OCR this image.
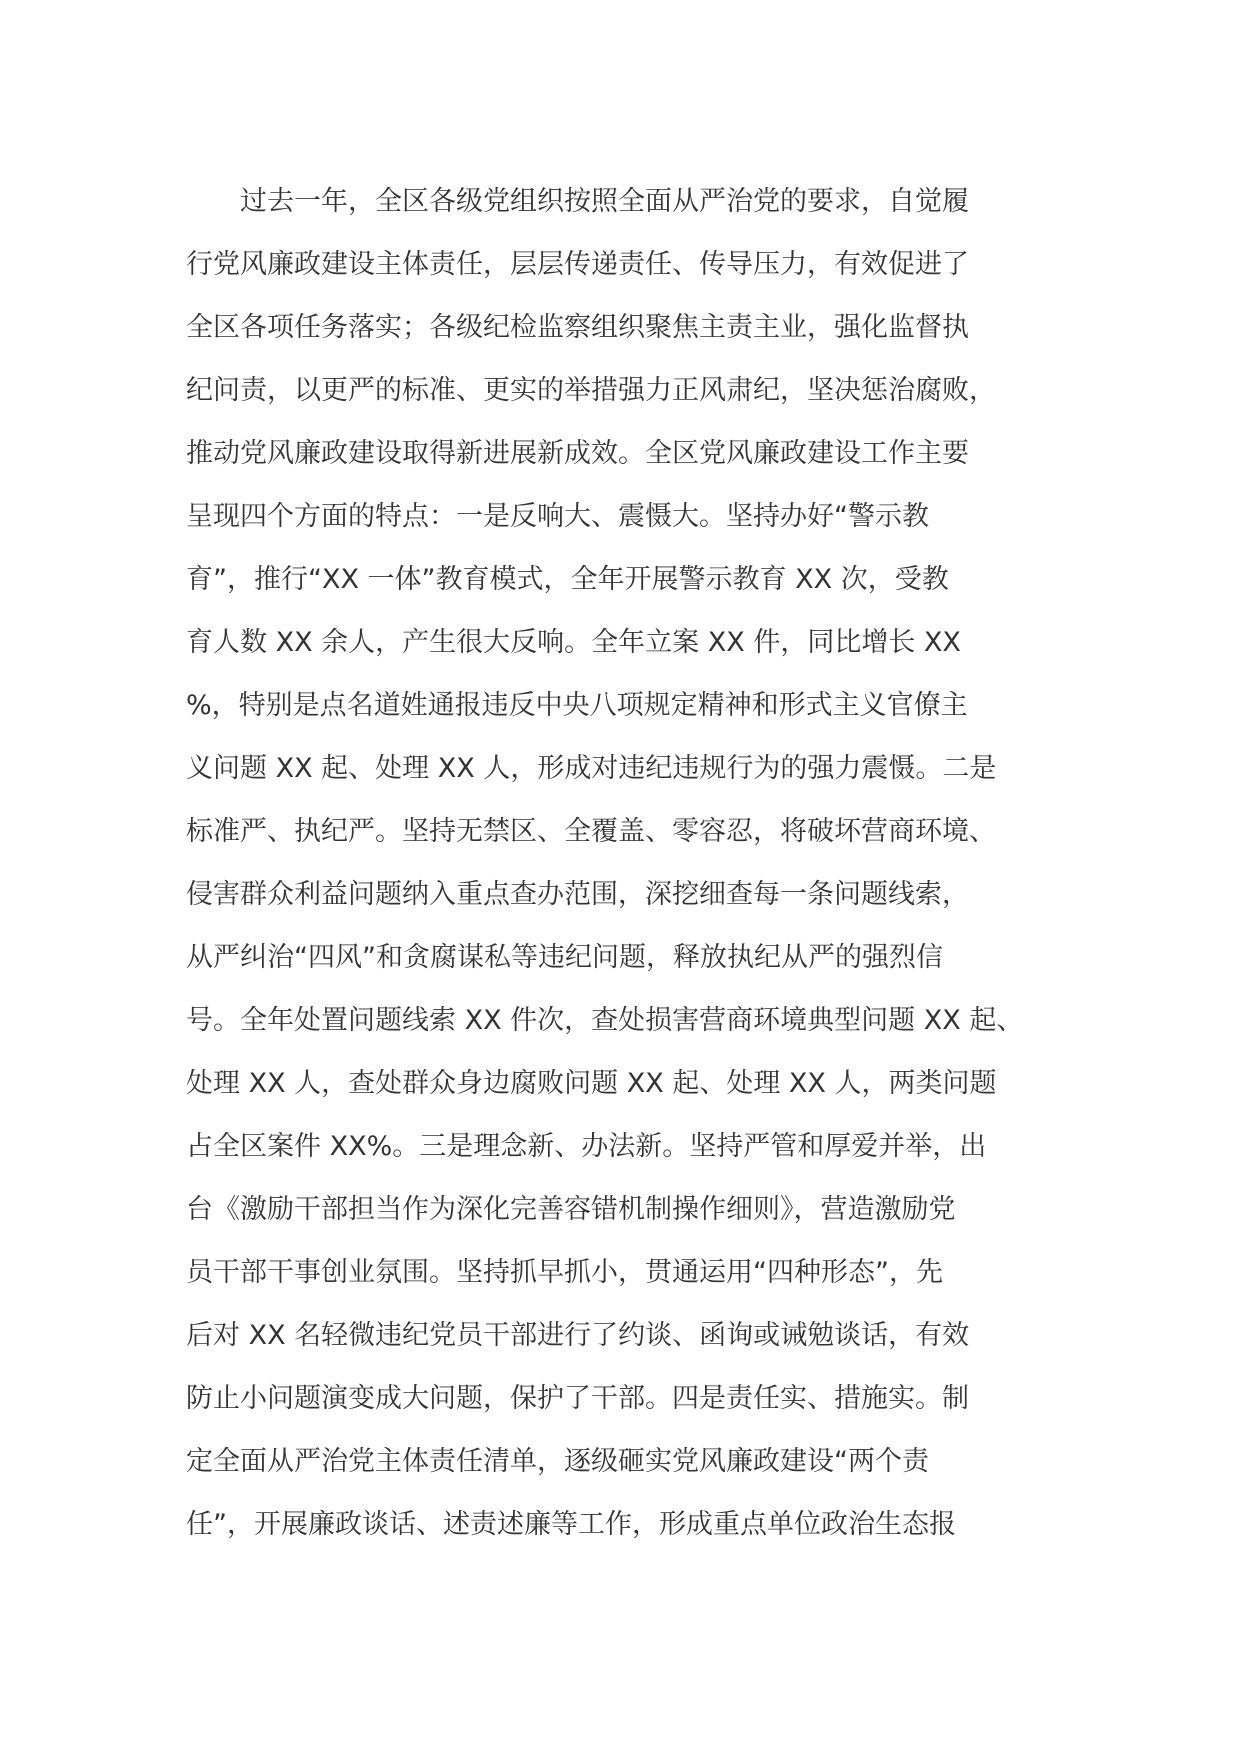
　　过去一年，全区各级党组织按照全面从严治党的要求，自觉履
行党风廉政建设主体责任，层层传递责任、传导压力，有效促进了
全区各项任务落实；各级纪检监察组织聚焦主责主业，强化监督执
纪问责，以更严的标准、更实的举措强力正风肃纪，坚决惩治腐败，
推动党风廉政建设取得新进展新成效。全区党风廉政建设工作主要
呈现四个方面的特点：一是反响大、震慑大。坚持办好“警示教
育”，推行“XX 一体”教育模式，全年开展警示教育 XX 次，受教
育人数 XX 余人，产生很大反响。全年立案 XX 件，同比增长 XX
%，特别是点名道姓通报违反中央八项规定精神和形式主义官僚主
义问题 XX 起、处理 XX 人，形成对违纪违规行为的强力震慑。二是
标准严、执纪严。坚持无禁区、全覆盖、零容忍，将破坏营商环境、
侵害群众利益问题纳入重点查办范围，深挖细查每一条问题线索，
从严纠治“四风”和贪腐谋私等违纪问题，释放执纪从严的强烈信
号。全年处置问题线索 XX 件次，查处损害营商环境典型问题 XX 起、
处理 XX 人，查处群众身边腐败问题 XX 起、处理 XX 人，两类问题
占全区案件 XX%。三是理念新、办法新。坚持严管和厚爱并举，出
台《激励干部担当作为深化完善容错机制操作细则》，营造激励党
员干部干事创业氛围。坚持抓早抓小，贯通运用“四种形态”，先
后对 XX 名轻微违纪党员干部进行了约谈、函询或诫勉谈话，有效
防止小问题演变成大问题，保护了干部。四是责任实、措施实。制
定全面从严治党主体责任清单，逐级砸实党风廉政建设“两个责
任”，开展廉政谈话、述责述廉等工作，形成重点单位政治生态报
